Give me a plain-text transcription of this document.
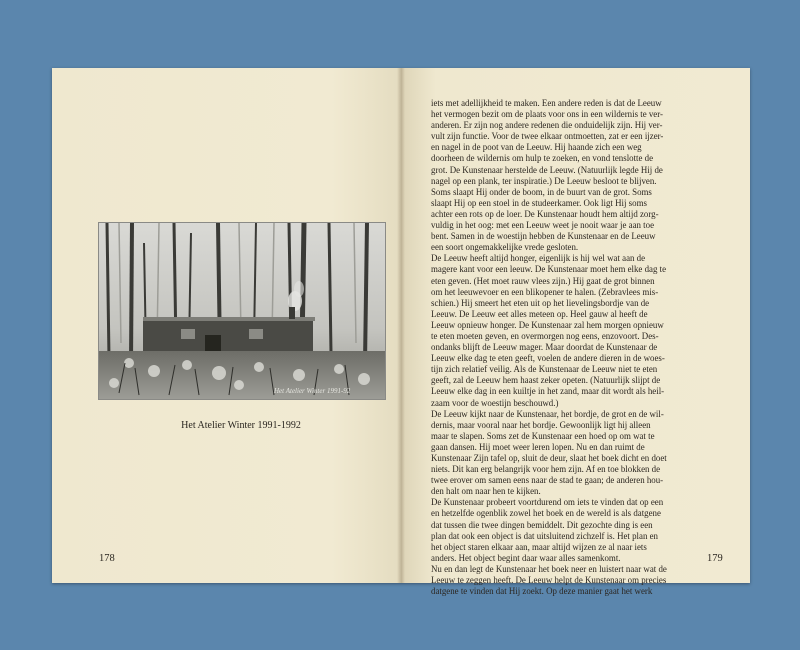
Het Atelier Winter 1991-92
Het Atelier Winter 1991-1992
178

iets met adellijkheid te maken. Een andere reden is dat de Leeuw

het vermogen bezit om de plaats voor ons in een wildernis te ver-

anderen. Er zijn nog andere redenen die onduidelijk zijn. Hij ver-

vult zijn functie. Voor de twee elkaar ontmoetten, zat er een ijzer-

en nagel in de poot van de Leeuw. Hij haande zich een weg

doorheen de wildernis om hulp te zoeken, en vond tenslotte de

grot. De Kunstenaar herstelde de Leeuw. (Natuurlijk legde Hij de

nagel op een plank, ter inspiratie.) De Leeuw besloot te blijven.

Soms slaapt Hij onder de boom, in de buurt van de grot. Soms

slaapt Hij op een stoel in de studeerkamer. Ook ligt Hij soms

achter een rots op de loer. De Kunstenaar houdt hem altijd zorg-

vuldig in het oog: met een Leeuw weet je nooit waar je aan toe

bent. Samen in de woestijn hebben de Kunstenaar en de Leeuw

een soort ongemakkelijke vrede gesloten.

De Leeuw heeft altijd honger, eigenlijk is hij wel wat aan de

magere kant voor een leeuw. De Kunstenaar moet hem elke dag te

eten geven. (Het moet rauw vlees zijn.) Hij gaat de grot binnen

om het leeuwevoer en een blikopener te halen. (Zebravlees mis-

schien.) Hij smeert het eten uit op het lievelingsbordje van de

Leeuw. De Leeuw eet alles meteen op. Heel gauw al heeft de

Leeuw opnieuw honger. De Kunstenaar zal hem morgen opnieuw

te eten moeten geven, en overmorgen nog eens, enzovoort. Des-

ondanks blijft de Leeuw mager. Maar doordat de Kunstenaar de

Leeuw elke dag te eten geeft, voelen de andere dieren in de woes-

tijn zich relatief veilig. Als de Kunstenaar de Leeuw niet te eten

geeft, zal de Leeuw hem haast zeker opeten. (Natuurlijk slijpt de

Leeuw elke dag in een kuiltje in het zand, maar dit wordt als heil-

zaam voor de woestijn beschouwd.)

De Leeuw kijkt naar de Kunstenaar, het bordje, de grot en de wil-

dernis, maar vooral naar het bordje. Gewoonlijk ligt hij alleen

maar te slapen. Soms zet de Kunstenaar een hoed op om wat te

gaan dansen. Hij moet weer leren lopen. Nu en dan ruimt de

Kunstenaar Zijn tafel op, sluit de deur, slaat het boek dicht en doet

niets. Dit kan erg belangrijk voor hem zijn. Af en toe blokken de

twee erover om samen eens naar de stad te gaan; de anderen hou-

den halt om naar hen te kijken.

De Kunstenaar probeert voortdurend om iets te vinden dat op een

en hetzelfde ogenblik zowel het boek en de wereld is als datgene

dat tussen die twee dingen bemiddelt. Dit gezochte ding is een

plan dat ook een object is dat uitsluitend zichzelf is. Het plan en

het object staren elkaar aan, maar altijd wijzen ze al naar iets

anders. Het object begint daar waar alles samenkomt.

Nu en dan legt de Kunstenaar het boek neer en luistert naar wat de

Leeuw te zeggen heeft. De Leeuw helpt de Kunstenaar om precies

datgene te vinden dat Hij zoekt. Op deze manier gaat het werk

179
